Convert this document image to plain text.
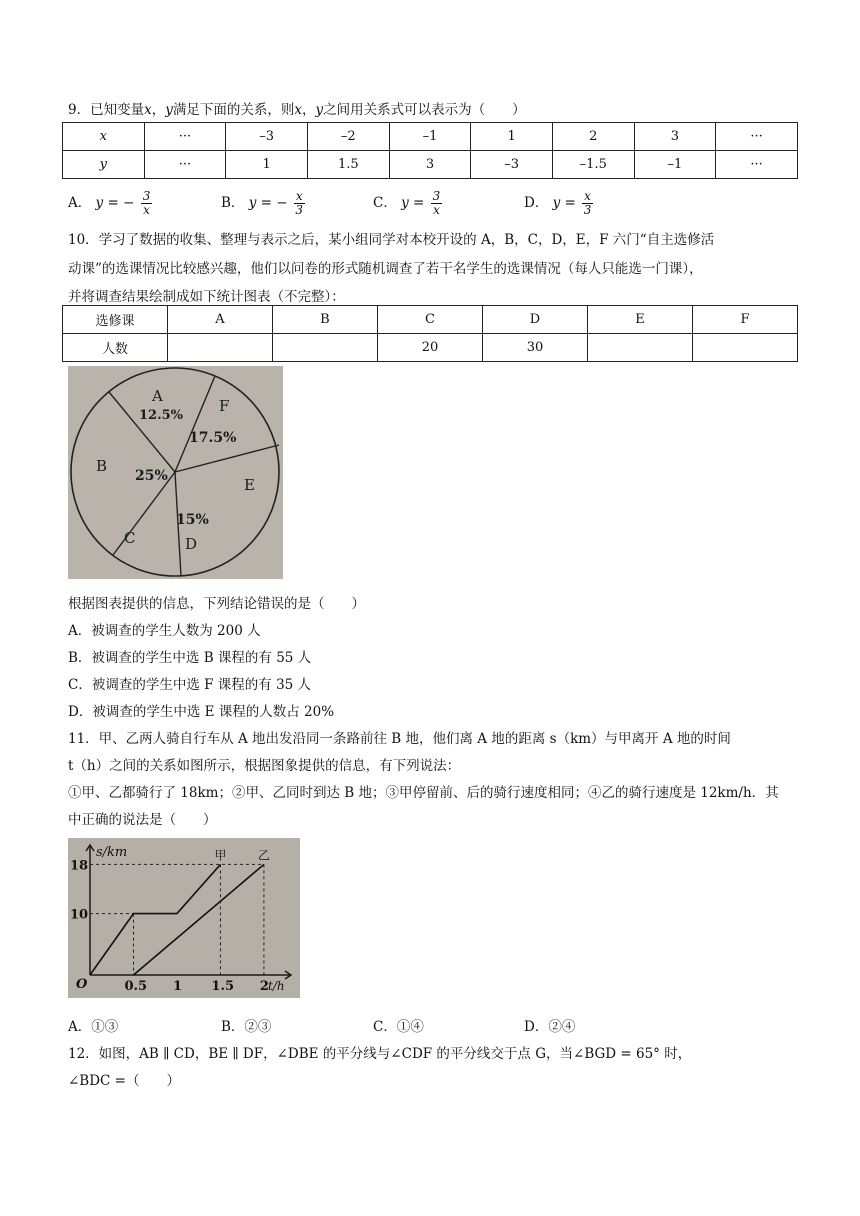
9．已知变量x，y满足下面的关系，则x，y之间用关系式可以表示为（　　）
x	···	–3	–2	–1	1	2	3	···
y	···	1	1.5	3	–3	–1.5	–1	···
A． y = − $\frac{3}{x}$	B． y = − $\frac{x}{3}$	C． $y = \frac{3}{x}$	D． $y = \frac{x}{3}$
10．学习了数据的收集、整理与表示之后，某小组同学对本校开设的 A，B，C，D，E，F 六门“自主选修活
动课”的选课情况比较感兴趣，他们以问卷的形式随机调查了若干名学生的选课情况（每人只能选一门课），
并将调查结果绘制成如下统计图表（不完整）：
选修课	A	B	C	D	E	F
人数			20	30		
A
12.5%
F
17.5%
B
25%	E
15%
C	D
根据图表提供的信息，下列结论错误的是（　　）
A．被调查的学生人数为 200 人
B．被调查的学生中选 B 课程的有 55 人
C．被调查的学生中选 F 课程的有 35 人
D．被调查的学生中选 E 课程的人数占 20%
11．甲、乙两人骑自行车从 A 地出发沿同一条路前往 B 地，他们离 A 地的距离 s（km）与甲离开 A 地的时间
t（h）之间的关系如图所示，根据图象提供的信息，有下列说法：
①甲、乙都骑行了 18km；②甲、乙同时到达 B 地；③甲停留前、后的骑行速度相同；④乙的骑行速度是 12km/h．其
中正确的说法是（　　）
s/km
t/h
O
甲	乙
10
18
0.5 1 1.5 2
A．①③	B．②③	C．①④	D．②④
12．如图，AB ∥ CD，BE ∥ DF，∠DBE 的平分线与∠CDF 的平分线交于点 G，当∠BGD = 65° 时，
∠BDC =（　　）
